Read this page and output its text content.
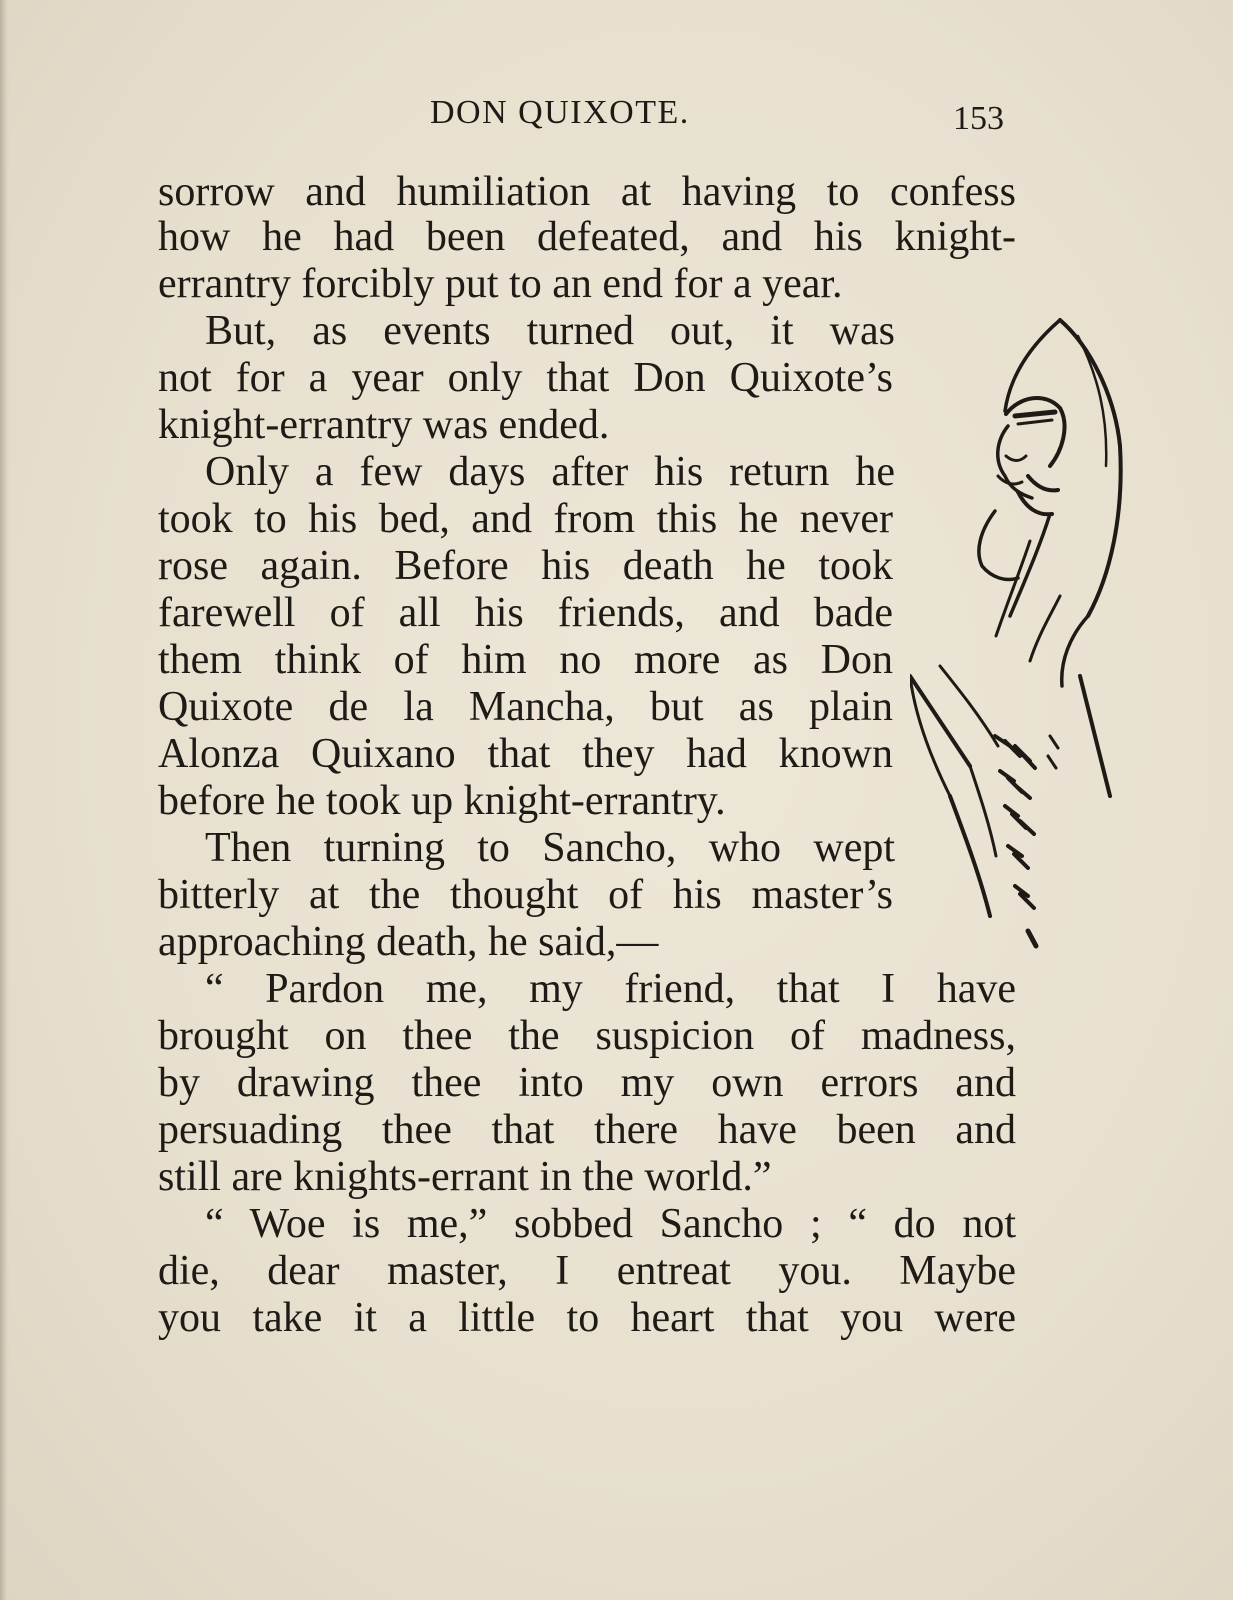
DON QUIXOTE.	153
sorrow and humiliation at having to confess
how he had been defeated, and his knight-
errantry forcibly put to an end for a year.
But, as events turned out, it was
not for a year only that Don Quixote’s
knight-errantry was ended.
Only a few days after his return he
took to his bed, and from this he never
rose again. Before his death he took
farewell of all his friends, and bade
them think of him no more as Don
Quixote de la Mancha, but as plain
Alonza Quixano that they had known
before he took up knight-errantry.
Then turning to Sancho, who wept
bitterly at the thought of his master’s
approaching death, he said,—
“ Pardon me, my friend, that I have
brought on thee the suspicion of madness,
by drawing thee into my own errors and
persuading thee that there have been and
still are knights-errant in the world.”
“ Woe is me,” sobbed Sancho ; “ do not
die, dear master, I entreat you. Maybe
you take it a little to heart that you were
